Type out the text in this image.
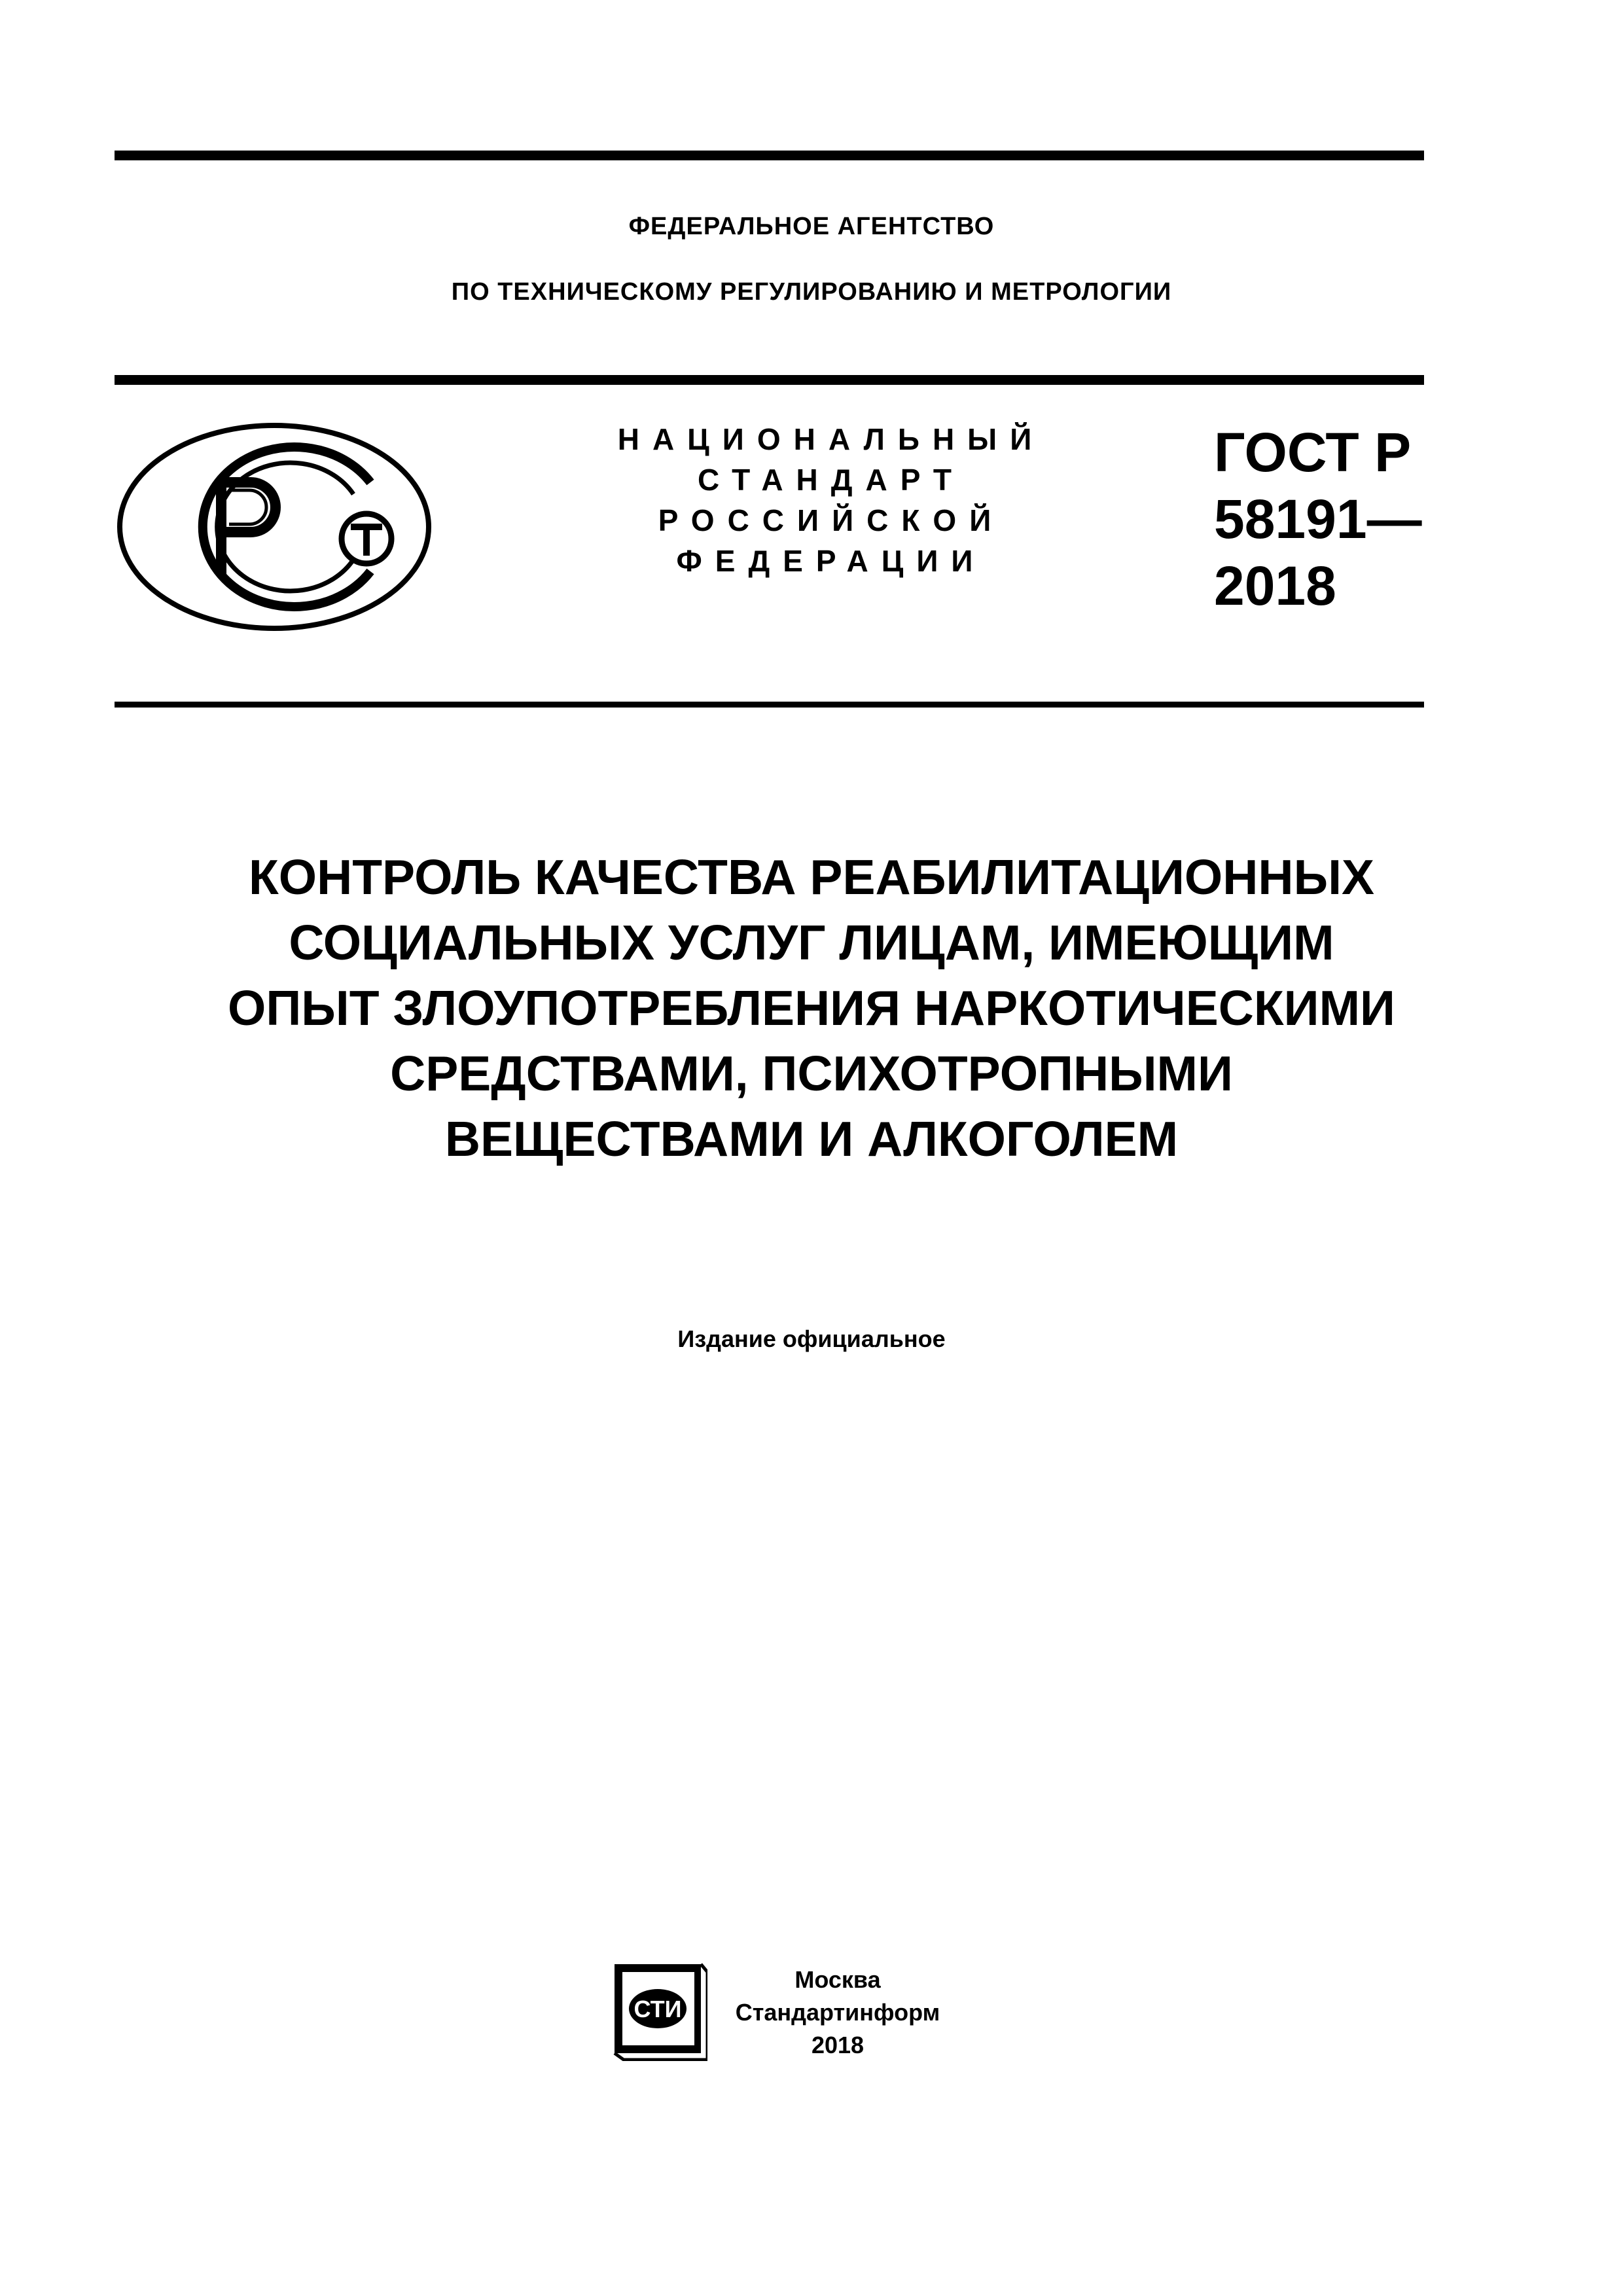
ФЕДЕРАЛЬНОЕ АГЕНТСТВО
ПО ТЕХНИЧЕСКОМУ РЕГУЛИРОВАНИЮ И МЕТРОЛОГИИ
НАЦИОНАЛЬНЫЙ
СТАНДАРТ
РОССИЙСКОЙ
ФЕДЕРАЦИИ
ГОСТ Р
58191—
2018
КОНТРОЛЬ КАЧЕСТВА РЕАБИЛИТАЦИОННЫХ
СОЦИАЛЬНЫХ УСЛУГ ЛИЦАМ, ИМЕЮЩИМ
ОПЫТ ЗЛОУПОТРЕБЛЕНИЯ НАРКОТИЧЕСКИМИ
СРЕДСТВАМИ, ПСИХОТРОПНЫМИ
ВЕЩЕСТВАМИ И АЛКОГОЛЕМ
Издание официальное
СТИ
Москва
Стандартинформ
2018
